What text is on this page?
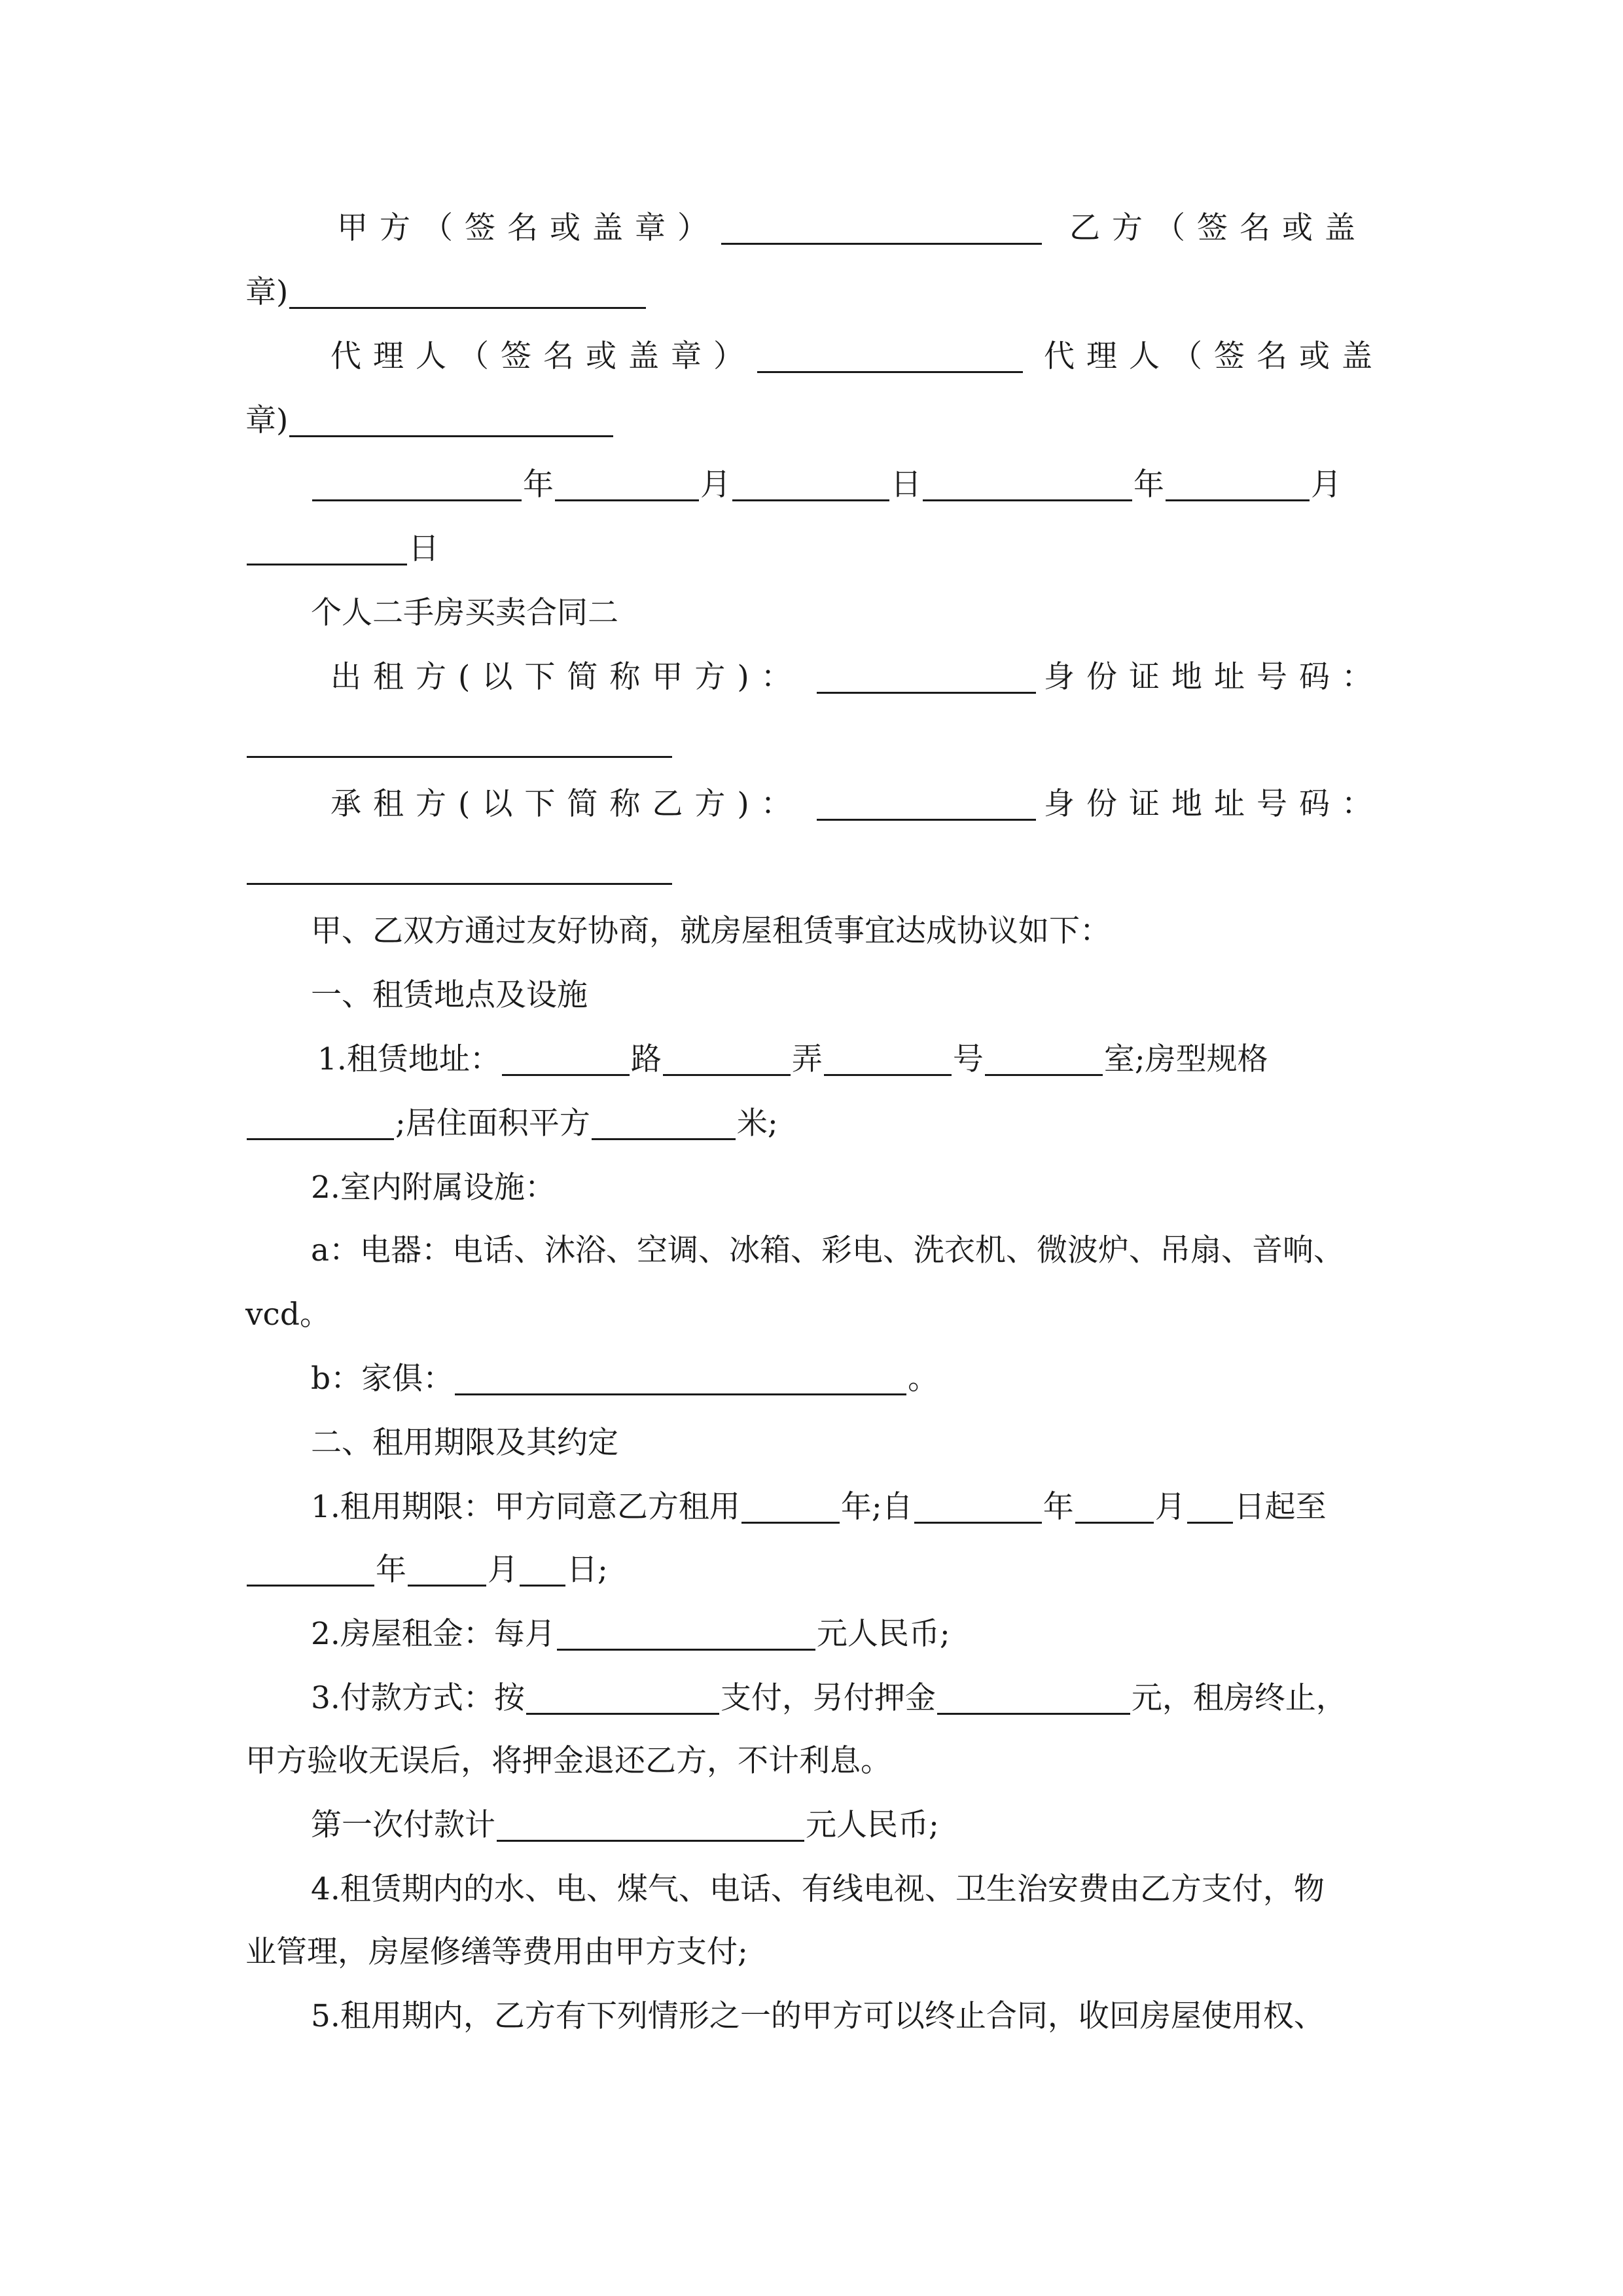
甲方（签名或盖章）	乙方（签名或盖
章)
代理人（签名或盖章）	代理人（签名或盖
章)
年	月	日	年	月
日
个人二手房买卖合同二
出租方(以下简称甲方)：	身份证地址号码：
承租方(以下简称乙方)：	身份证地址号码：
甲、乙双方通过友好协商，就房屋租赁事宜达成协议如下：
一、租赁地点及设施
1.租赁地址：	路	弄	号	室;房型规格
;居住面积平方	米;
2.室内附属设施：
a：电器：电话、沐浴、空调、冰箱、彩电、洗衣机、微波炉、吊扇、音响、
vcd。
b：家俱：	。
二、租用期限及其约定
1.租用期限：甲方同意乙方租用	年;自	年	月 日起至
年	月 日;
2.房屋租金：每月	元人民币;
3.付款方式：按	支付，另付押金	元，租房终止，
甲方验收无误后，将押金退还乙方，不计利息。
第一次付款计	元人民币;
4.租赁期内的水、电、煤气、电话、有线电视、卫生治安费由乙方支付，物
业管理，房屋修缮等费用由甲方支付;
5.租用期内，乙方有下列情形之一的甲方可以终止合同，收回房屋使用权、
